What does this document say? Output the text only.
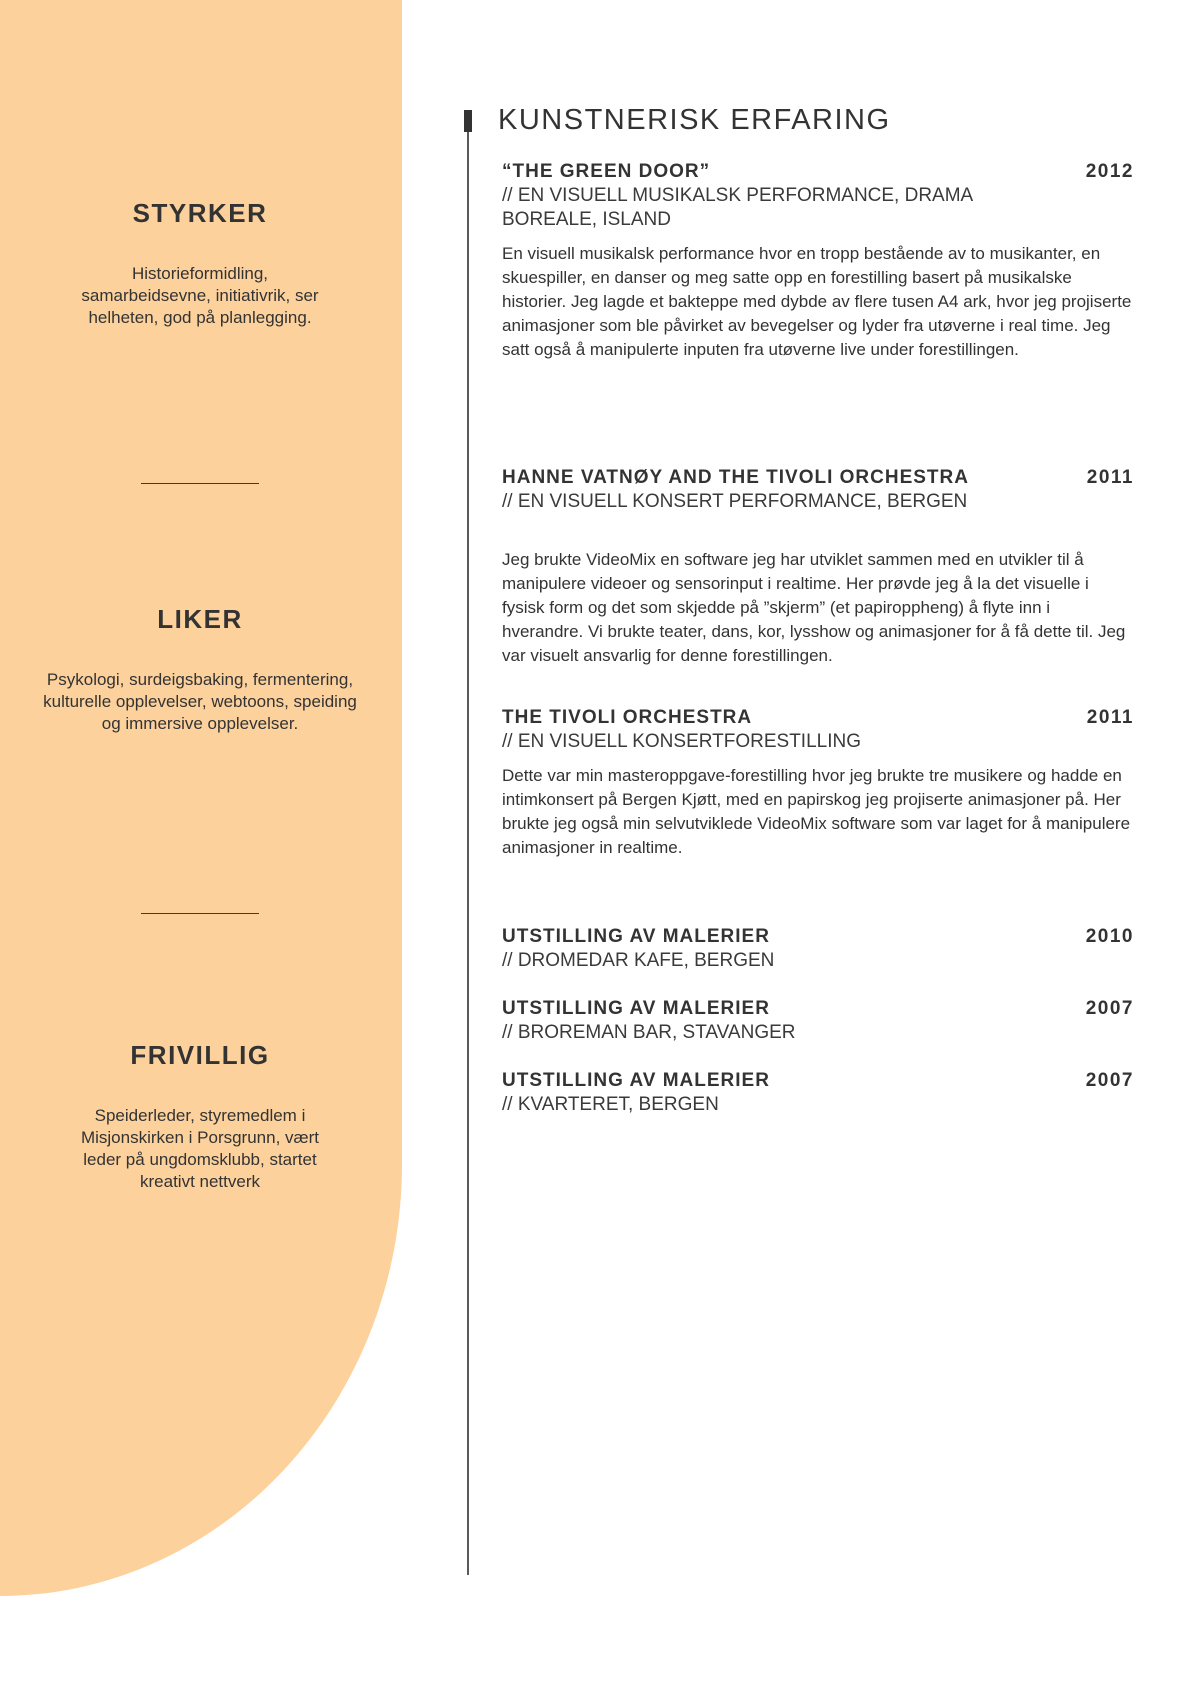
STYRKER
Historieformidling, samarbeidsevne, initiativrik, ser helheten, god på planlegging.
LIKER
Psykologi, surdeigsbaking, fermentering, kulturelle opplevelser, webtoons, speiding og immersive opplevelser.
FRIVILLIG
Speiderleder, styremedlem i Misjonskirken i Porsgrunn, vært leder på ungdomsklubb, startet kreativt nettverk
KUNSTNERISK ERFARING
“THE GREEN DOOR”	2012
// EN VISUELL MUSIKALSK PERFORMANCE, DRAMA BOREALE, ISLAND
En visuell musikalsk performance hvor en tropp bestående av to musikanter, en skuespiller, en danser og meg satte opp en forestilling basert på musikalske historier. Jeg lagde et bakteppe med dybde av flere tusen A4 ark, hvor jeg projiserte animasjoner som ble påvirket av bevegelser og lyder fra utøverne i real time. Jeg satt også å manipulerte inputen fra utøverne live under forestillingen.
HANNE VATNØY AND THE TIVOLI ORCHESTRA	2011
// EN VISUELL KONSERT PERFORMANCE, BERGEN
Jeg brukte VideoMix en software jeg har utviklet sammen med en utvikler til å manipulere videoer og sensorinput i realtime. Her prøvde jeg å la det visuelle i fysisk form og det som skjedde på ”skjerm” (et papiroppheng) å flyte inn i hverandre. Vi brukte teater, dans, kor, lysshow og animasjoner for å få dette til. Jeg var visuelt ansvarlig for denne forestillingen.
THE TIVOLI ORCHESTRA	2011
// EN VISUELL KONSERTFORESTILLING
Dette var min masteroppgave-forestilling hvor jeg brukte tre musikere og hadde en intimkonsert på Bergen Kjøtt, med en papirskog jeg projiserte animasjoner på. Her brukte jeg også min selvutviklede VideoMix software som var laget for å manipulere animasjoner in realtime.
UTSTILLING AV MALERIER	2010
// DROMEDAR KAFE, BERGEN
UTSTILLING AV MALERIER	2007
// BROREMAN BAR, STAVANGER
UTSTILLING AV MALERIER	2007
// KVARTERET, BERGEN
